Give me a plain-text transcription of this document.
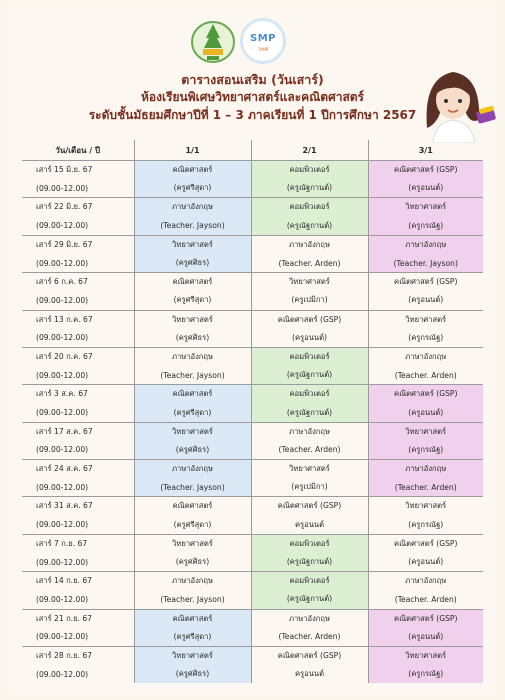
SMP
วพศ
ตารางสอนเสริม (วันเสาร์)
ห้องเรียนพิเศษวิทยาศาสตร์และคณิตศาสตร์
ระดับชั้นมัธยมศึกษาปีที่ 1 – 3 ภาคเรียนที่ 1 ปีการศึกษา 2567
วัน/เดือน / ปี	1/1	2/1	3/1
เสาร์ 15 มิ.ย. 67	คณิตศาสตร์	คอมพิวเตอร์	คณิตศาสตร์ (GSP)
(09.00-12.00)	(ครูศรีสุดา)	(ครูณัฐกานต์)	(ครูอนนต์)
เสาร์ 22 มิ.ย. 67	ภาษาอังกฤษ	คอมพิวเตอร์	วิทยาศาสตร์
(09.00-12.00)	(Teacher. Jayson)	(ครูณัฐกานต์)	(ครูกรณัฐ)
เสาร์ 29 มิ.ย. 67	วิทยาศาสตร์	ภาษาอังกฤษ	ภาษาอังกฤษ
(09.00-12.00)	(ครูศศิธร)	(Teacher. Arden)	(Teacher. Jayson)
เสาร์ 6 ก.ค. 67	คณิตศาสตร์	วิทยาศาสตร์	คณิตศาสตร์ (GSP)
(09.00-12.00)	(ครูศรีสุดา)	(ครูเปมิกา)	(ครูอนนต์)
เสาร์ 13 ก.ค. 67	วิทยาศาสตร์	คณิตศาสตร์ (GSP)	วิทยาศาสตร์
(09.00-12.00)	(ครูศศิธร)	(ครูอนนต์)	(ครูกรณัฐ)
เสาร์ 20 ก.ค. 67	ภาษาอังกฤษ	คอมพิวเตอร์	ภาษาอังกฤษ
(09.00-12.00)	(Teacher. Jayson)	(ครูณัฐกานต์)	(Teacher. Arden)
เสาร์ 3 ส.ค. 67	คณิตศาสตร์	คอมพิวเตอร์	คณิตศาสตร์ (GSP)
(09.00-12.00)	(ครูศรีสุดา)	(ครูณัฐกานต์)	(ครูอนนต์)
เสาร์ 17 ส.ค. 67	วิทยาศาสตร์	ภาษาอังกฤษ	วิทยาศาสตร์
(09.00-12.00)	(ครูศศิธร)	(Teacher. Arden)	(ครูกรณัฐ)
เสาร์ 24 ส.ค. 67	ภาษาอังกฤษ	วิทยาศาสตร์	ภาษาอังกฤษ
(09.00-12.00)	(Teacher. Jayson)	(ครูเปมิกา)	(Teacher. Arden)
เสาร์ 31 ส.ค. 67	คณิตศาสตร์	คณิตศาสตร์ (GSP)	วิทยาศาสตร์
(09.00-12.00)	(ครูศรีสุดา)	ครูอนนต์	(ครูกรณัฐ)
เสาร์ 7 ก.ย. 67	วิทยาศาสตร์	คอมพิวเตอร์	คณิตศาสตร์ (GSP)
(09.00-12.00)	(ครูศศิธร)	(ครูณัฐกานต์)	(ครูอนนต์)
เสาร์ 14 ก.ย. 67	ภาษาอังกฤษ	คอมพิวเตอร์	ภาษาอังกฤษ
(09.00-12.00)	(Teacher. Jayson)	(ครูณัฐกานต์)	(Teacher. Arden)
เสาร์ 21 ก.ย. 67	คณิตศาสตร์	ภาษาอังกฤษ	คณิตศาสตร์ (GSP)
(09.00-12.00)	(ครูศรีสุดา)	(Teacher. Arden)	(ครูอนนต์)
เสาร์ 28 ก.ย. 67	วิทยาศาสตร์	คณิตศาสตร์ (GSP)	วิทยาศาสตร์
(09.00-12.00)	(ครูศศิธร)	ครูอนนต์	(ครูกรณัฐ)
